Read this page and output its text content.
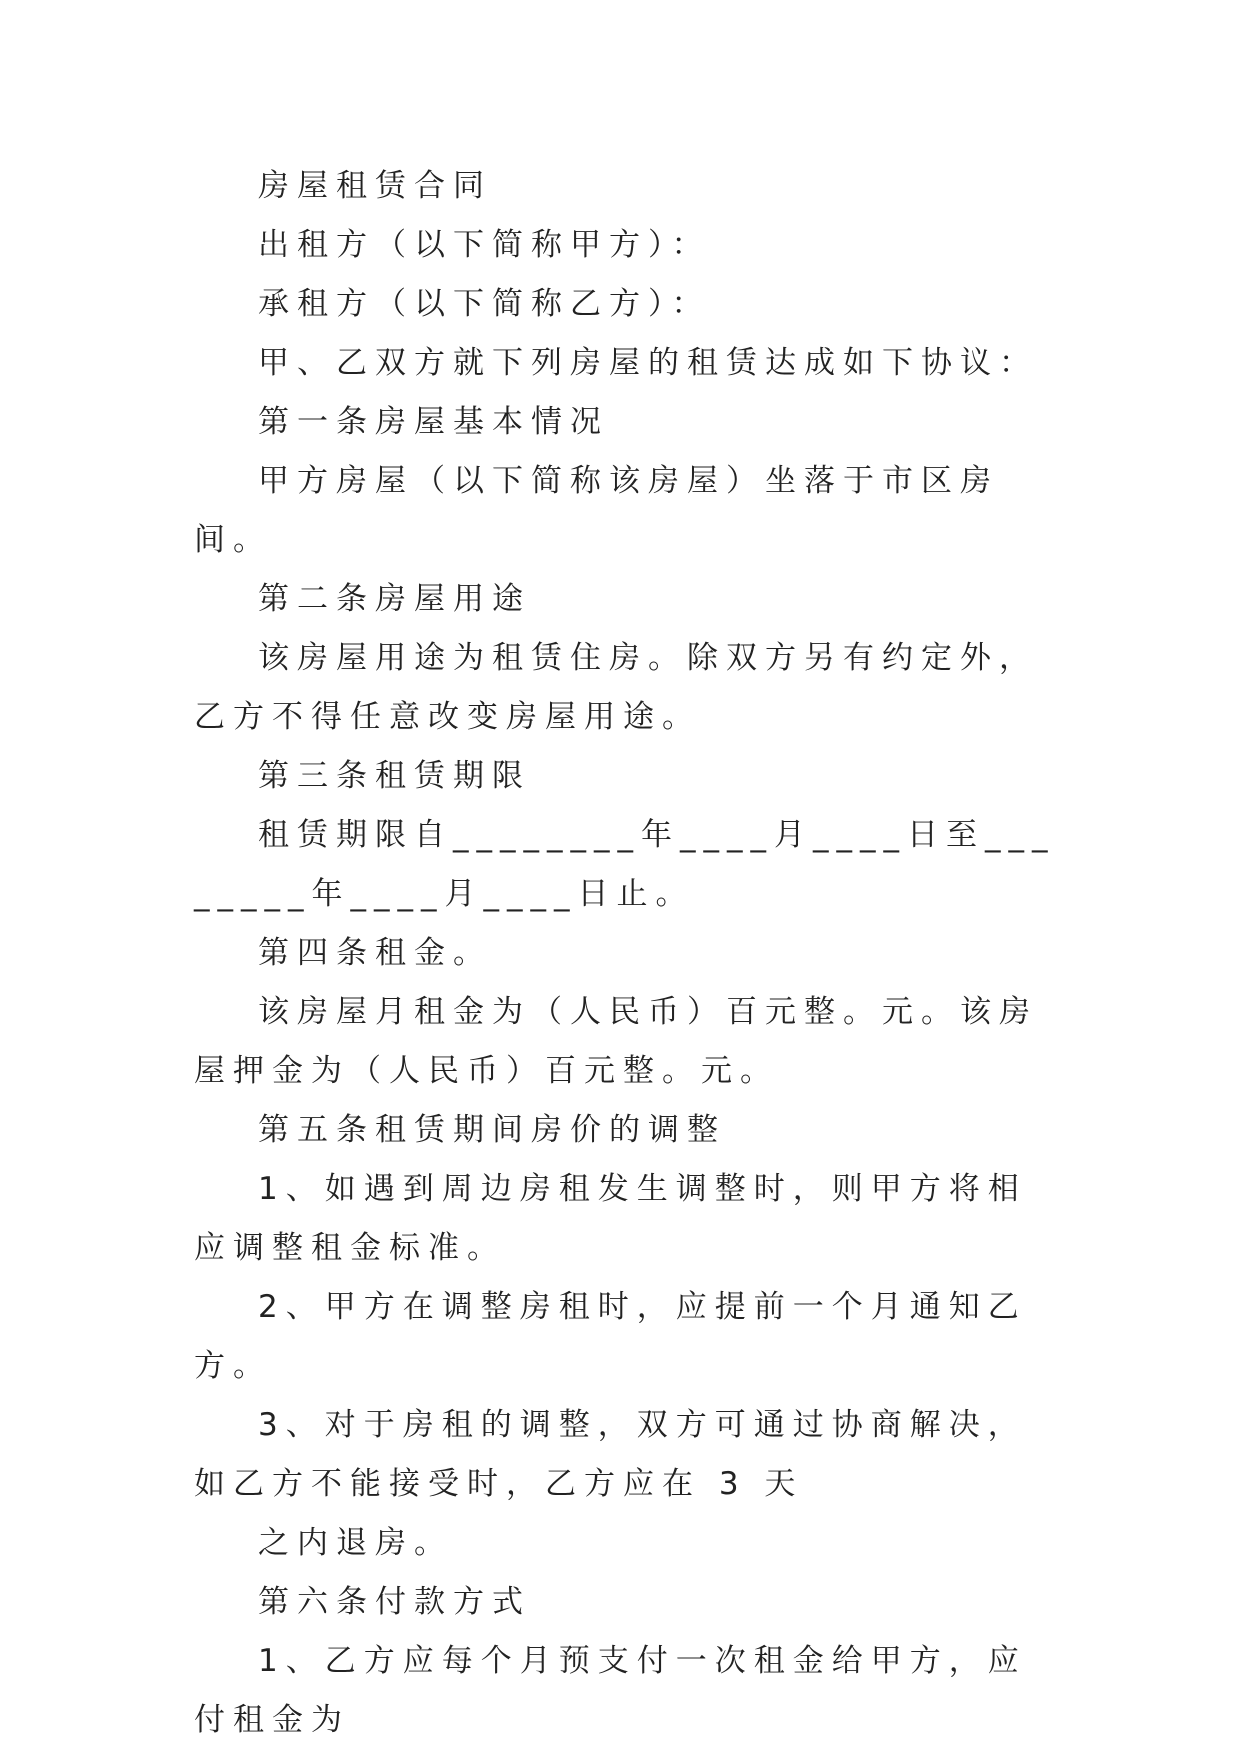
房屋租赁合同

出租方（以下简称甲方）：

承租方（以下简称乙方）：

甲、乙双方就下列房屋的租赁达成如下协议：

第一条房屋基本情况

甲方房屋（以下简称该房屋）坐落于市区房间。

第二条房屋用途

该房屋用途为租赁住房。除双方另有约定外，乙方不得任意改变房屋用途。

第三条租赁期限

租赁期限自________年____月____日至________年____月____日止。

第四条租金。

该房屋月租金为（人民币）百元整。元。该房屋押金为（人民币）百元整。元。

第五条租赁期间房价的调整

1、如遇到周边房租发生调整时，则甲方将相应调整租金标准。

2、甲方在调整房租时，应提前一个月通知乙方。

3、对于房租的调整，双方可通过协商解决，如乙方不能接受时，乙方应在 3 天

之内退房。

第六条付款方式

1、乙方应每个月预支付一次租金给甲方，应付租金为
